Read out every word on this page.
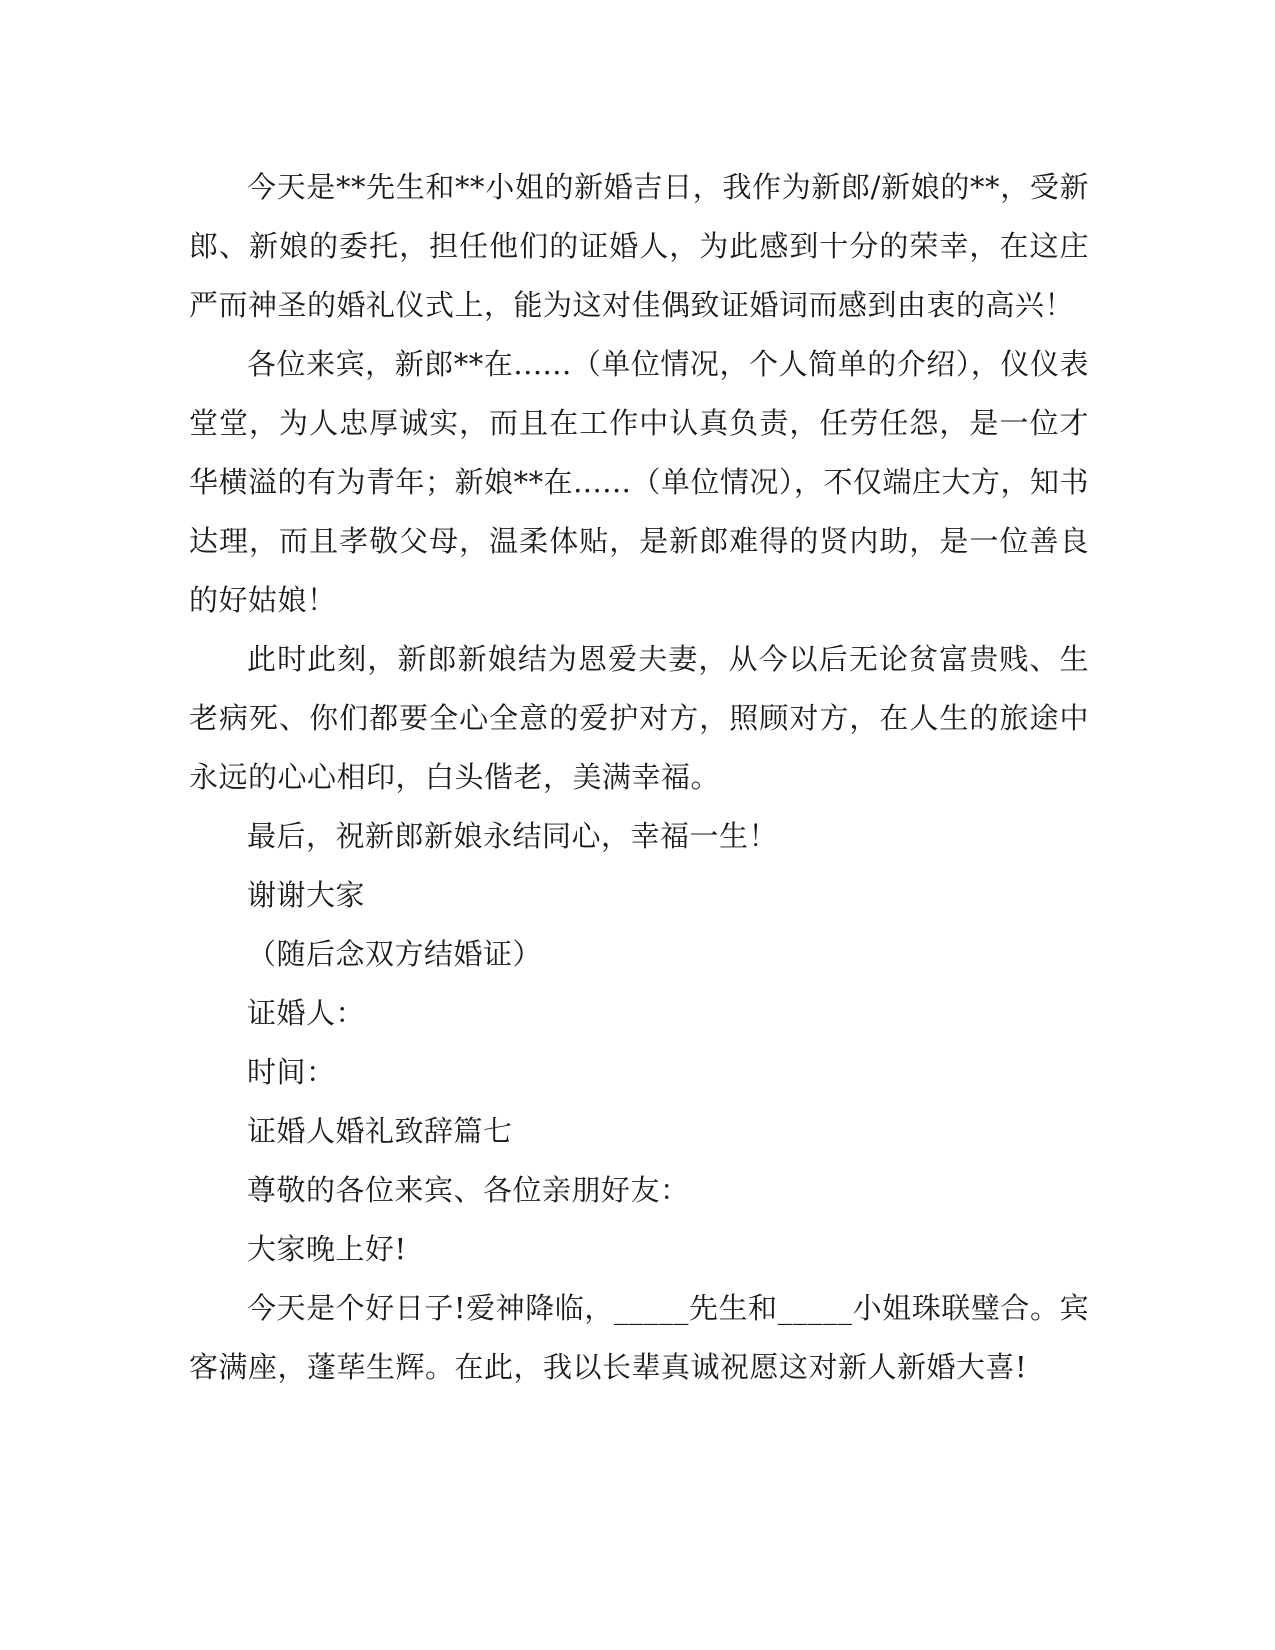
今天是**先生和**小姐的新婚吉日，我作为新郎/新娘的**，受新郎、新娘的委托，担任他们的证婚人，为此感到十分的荣幸，在这庄严而神圣的婚礼仪式上，能为这对佳偶致证婚词而感到由衷的高兴！

各位来宾，新郎**在......（单位情况，个人简单的介绍），仪仪表堂堂，为人忠厚诚实，而且在工作中认真负责，任劳任怨，是一位才华横溢的有为青年；新娘**在......（单位情况），不仅端庄大方，知书达理，而且孝敬父母，温柔体贴，是新郎难得的贤内助，是一位善良的好姑娘！

此时此刻，新郎新娘结为恩爱夫妻，从今以后无论贫富贵贱、生老病死、你们都要全心全意的爱护对方，照顾对方，在人生的旅途中永远的心心相印，白头偕老，美满幸福。

最后，祝新郎新娘永结同心，幸福一生！

谢谢大家

（随后念双方结婚证）

证婚人：

时间：

证婚人婚礼致辞篇七

尊敬的各位来宾、各位亲朋好友：

大家晚上好!

今天是个好日子!爱神降临，_____先生和_____小姐珠联璧合。宾客满座，蓬荜生辉。在此，我以长辈真诚祝愿这对新人新婚大喜!
